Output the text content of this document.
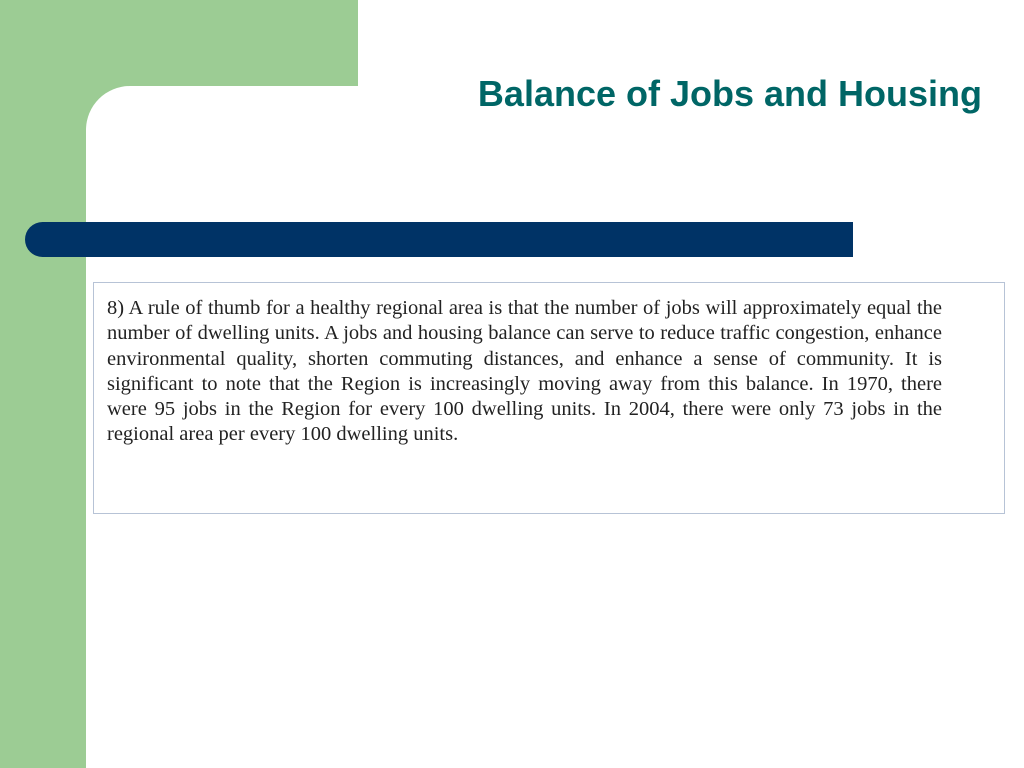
Balance of Jobs and Housing

8) A rule of thumb for a healthy regional area is that the number of jobs will approximately equal the number of dwelling units. A jobs and housing balance can serve to reduce traffic congestion, enhance environmental quality, shorten commuting distances, and enhance a sense of community. It is significant to note that the Region is increasingly moving away from this balance. In 1970, there were 95 jobs in the Region for every 100 dwelling units. In 2004, there were only 73 jobs in the regional area per every 100 dwelling units.
